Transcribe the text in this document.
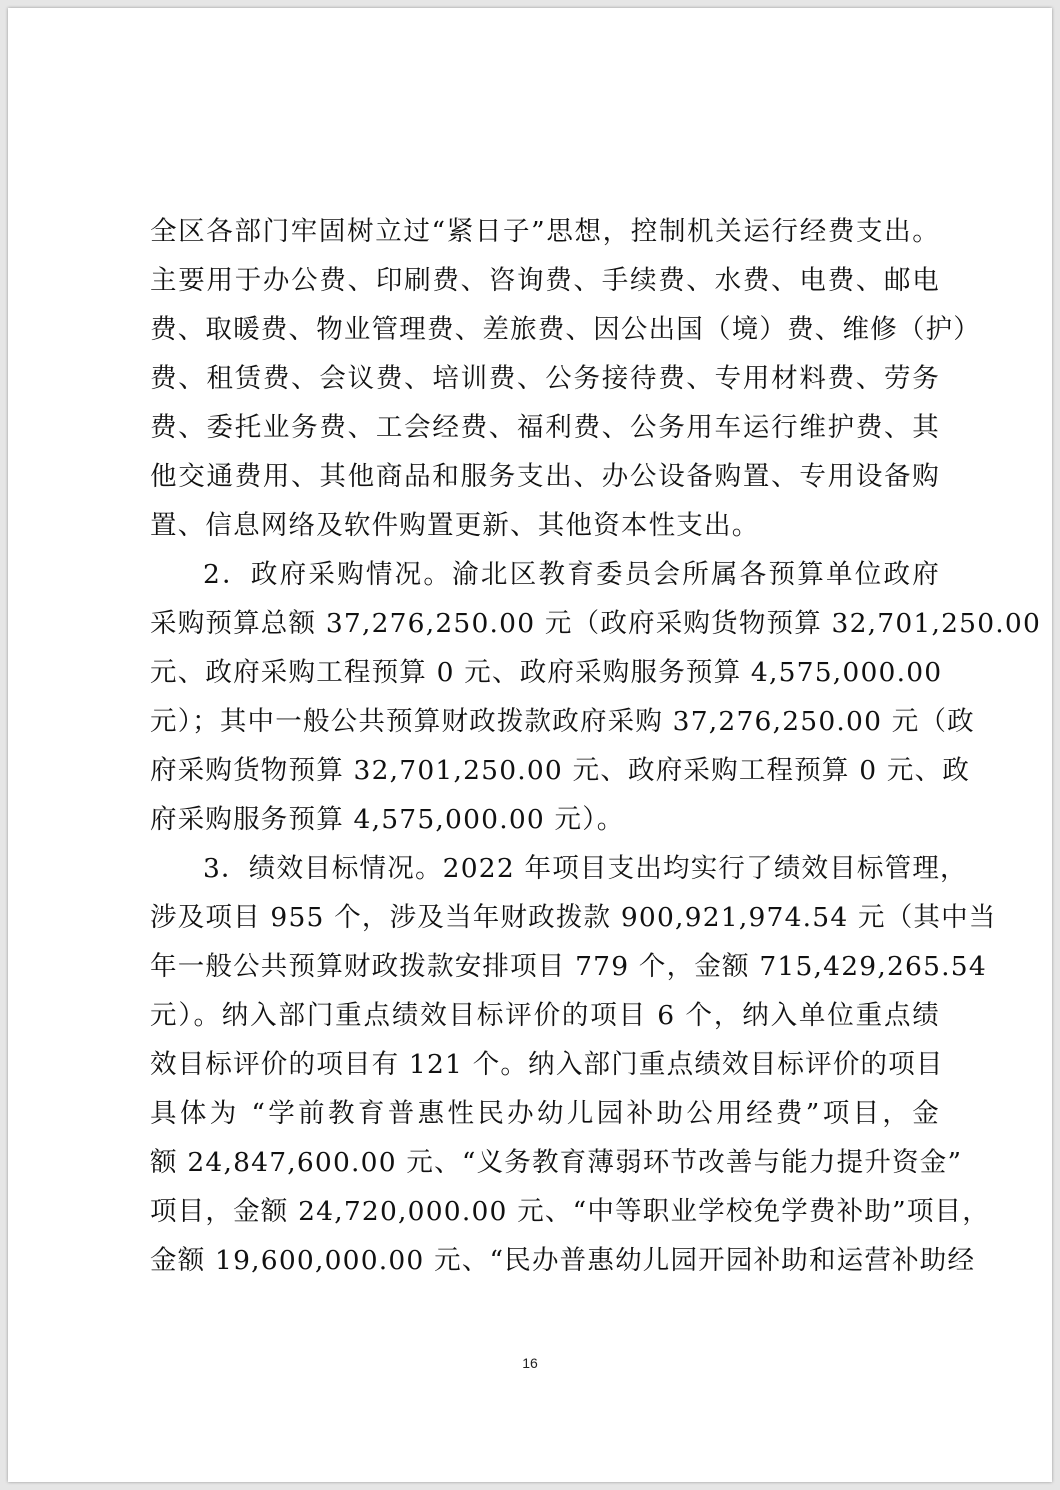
全区各部门牢固树立过“紧日子”思想，控制机关运行经费支出。
主要用于办公费、印刷费、咨询费、手续费、水费、电费、邮电
费、取暖费、物业管理费、差旅费、因公出国（境）费、维修（护）
费、租赁费、会议费、培训费、公务接待费、专用材料费、劳务
费、委托业务费、工会经费、福利费、公务用车运行维护费、其
他交通费用、其他商品和服务支出、办公设备购置、专用设备购
置、信息网络及软件购置更新、其他资本性支出。

2．政府采购情况。渝北区教育委员会所属各预算单位政府
采购预算总额 37,276,250.00 元（政府采购货物预算 32,701,250.00
元、政府采购工程预算 0 元、政府采购服务预算 4,575,000.00
元）；其中一般公共预算财政拨款政府采购 37,276,250.00 元（政
府采购货物预算 32,701,250.00 元、政府采购工程预算 0 元、政
府采购服务预算 4,575,000.00 元）。

3．绩效目标情况。2022 年项目支出均实行了绩效目标管理，
涉及项目 955 个，涉及当年财政拨款 900,921,974.54 元（其中当
年一般公共预算财政拨款安排项目 779 个，金额 715,429,265.54
元）。纳入部门重点绩效目标评价的项目 6 个，纳入单位重点绩
效目标评价的项目有 121 个。纳入部门重点绩效目标评价的项目
具体为 “学前教育普惠性民办幼儿园补助公用经费”项目，金
额 24,847,600.00 元、“义务教育薄弱环节改善与能力提升资金”
项目，金额 24,720,000.00 元、“中等职业学校免学费补助”项目，
金额 19,600,000.00 元、“民办普惠幼儿园开园补助和运营补助经

16
